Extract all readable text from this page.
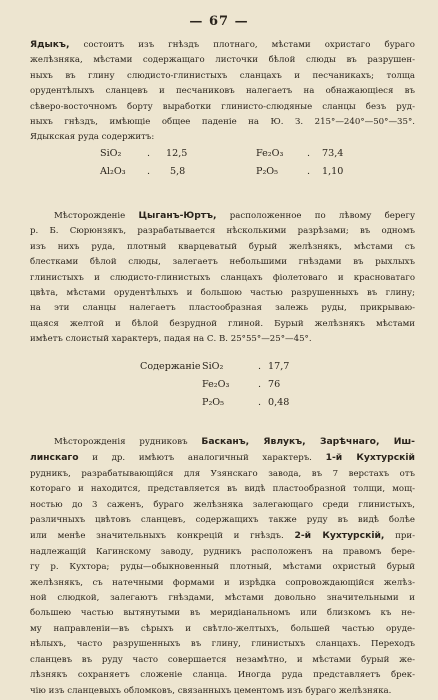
— 67 —
Ядыкъ, состоитъ изъ гнѣздъ плотнаго, мѣстами охристаго бураго
желѣзняка, мѣстами содержащаго листочки бѣлой слюды въ разрушен-
ныхъ въ глину слюдисто-глинистыхъ сланцахъ и песчаникахъ; толща
орудентѣлыхъ сланцевъ и песчаниковъ налегаетъ на обнажающiеся въ
сѣверо-восточномъ борту выработки глинисто-слюдяные сланцы безъ руд-
ныхъ гнѣздъ, имѣющiе общее паденiе на Ю. З. 215°—240°—50°—35°.
Ядыкская руда содержитъ:
SiO₂	. 12,5	Fe₂O₃ . 73,4
Al₂O₃ . 5,8	P₂O₅	. 1,10
Мѣсторожденiе Цыганъ-Юртъ, расположенное по лѣвому берегу
р. Б. Сюрюнзякъ, разрабатывается нѣсколькими разрѣзами; въ одномъ
изъ нихъ руда, плотный кварцеватый бурый желѣзнякъ, мѣстами съ
блестками бѣлой слюды, залегаетъ небольшими гнѣздами въ рыхлыхъ
глинистыхъ и слюдисто-глинистыхъ сланцахъ фiолетоваго и красноватаго
цвѣта, мѣстами орудентѣлыхъ и большою частью разрушенныхъ въ глину;
на эти сланцы налегаетъ пластообразная залежь руды, прикрываю-
щаяся желтой и бѣлой безрудной глиной. Бурый желѣзнякъ мѣстами
имѣетъ слоистый характеръ, падая на С. В. 25°55°—25°—45°.
Содержанiе SiO₂	. 17,7
Fe₂O₃	. 76
P₂O₅	. 0,48
Мѣсторожденiя рудниковъ Басканъ, Явлукъ, Зарѣчнаго, Иш-
линскаго и др. имѣютъ аналогичный характеръ. 1-й Кухтурскiй
рудникъ, разрабатывающiйся для Узянскаго завода, въ 7 верстахъ отъ
котораго и находится, представляется въ видѣ пластообразной толщи, мощ-
ностью до 3 саженъ, бураго желѣзняка залегающаго среди глинистыхъ,
различныхъ цвѣтовъ сланцевъ, содержащихъ также руду въ видѣ болѣе
или менѣе значительныхъ конкрецiй и гнѣздъ. 2-й Кухтурскiй, при-
надлежащiй Кагинскому заводу, рудникъ расположенъ на правомъ бере-
гу р. Кухтора; руды—обыкновенный плотный, мѣстами охристый бурый
желѣзнякъ, съ натечными формами и изрѣдка сопровождающiйся желѣз-
ной слюдкой, залегаютъ гнѣздами, мѣстами довольно значительными и
большею частью вытянутыми въ меридiанальномъ или близкомъ къ не-
му направленiи—въ сѣрыхъ и свѣтло-желтыхъ, большей частью оруде-
нѣлыхъ, часто разрушенныхъ въ глину, глинистыхъ сланцахъ. Переходъ
сланцевъ въ руду часто совершается незамѣтно, и мѣстами бурый же-
лѣзнякъ сохраняетъ сложенiе сланца. Иногда руда представляетъ брек-
чiю изъ сланцевыхъ обломковъ, связанныхъ цементомъ изъ бураго желѣзняка.
